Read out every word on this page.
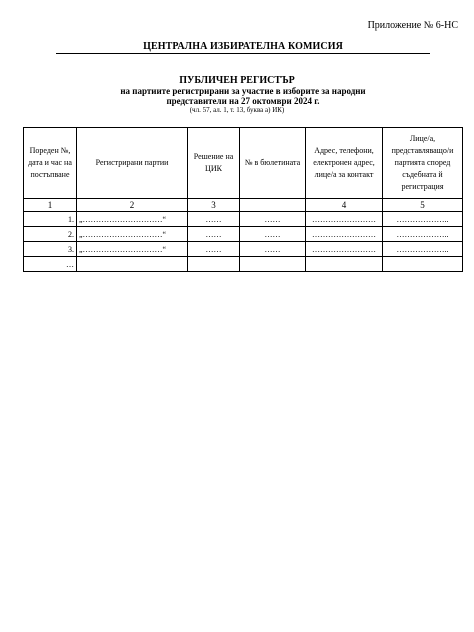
Приложение № 6-НС
ЦЕНТРАЛНА ИЗБИРАТЕЛНА КОМИСИЯ
ПУБЛИЧЕН РЕГИСТЪР
на партиите регистрирани за участие в изборите за народни представители на 27 октомври 2024 г.
(чл. 57, ал. 1, т. 13, буква а) ИК)
Пореден №, дата и час на постъпване	Регистрирани партии	Решение на ЦИК	№ в бюлетината	Адрес, телефони, електронен адрес, лице/а за контакт	Лице/а, представляващо/и партията според съдебната й регистрация
1	2	3		4	5
1.	„…………………………“	……	……	……………………	………………..
2.	„…………………………“	……	……	……………………	………………..
3.	„…………………………“	……	……	……………………	………………..
…					
